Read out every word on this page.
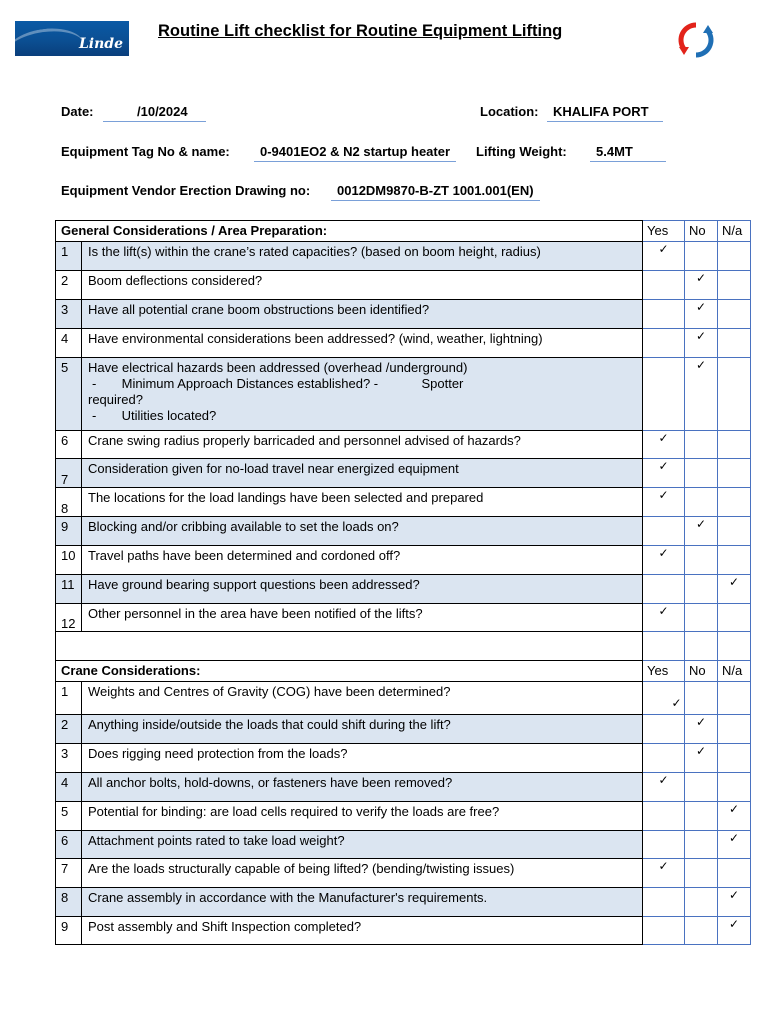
Linde
Routine Lift checklist for Routine Equipment Lifting
Date:	/10/2024	Location:	KHALIFA PORT
Equipment Tag No & name:	0-9401EO2 & N2 startup heater	Lifting Weight:	5.4MT
Equipment Vendor Erection Drawing no:	0012DM9870-B-ZT 1001.001(EN)
General Considerations / Area Preparation:		Yes	No	N/a
1	Is the lift(s) within the crane’s rated capacities? (based on boom height, radius)	✓		
2	Boom deflections considered?		✓	
3	Have all potential crane boom obstructions been identified?		✓	
4	Have environmental considerations been addressed? (wind, weather, lightning)		✓	
5	Have electrical hazards been addressed (overhead /underground)
-       Minimum Approach Distances established? -            Spotter
required?
-       Utilities located?		✓	
6	Crane swing radius properly barricaded and personnel advised of hazards?	✓		
7	Consideration given for no-load travel near energized equipment	✓		
8	The locations for the load landings have been selected and prepared	✓		
9	Blocking and/or cribbing available to set the loads on?		✓	
10	Travel paths have been determined and cordoned off?	✓		
11	Have ground bearing support questions been addressed?			✓
12	Other personnel in the area have been notified of the lifts?	✓		

Crane Considerations:		Yes	No	N/a
1	Weights and Centres of Gravity (COG) have been determined?	✓		
2	Anything inside/outside the loads that could shift during the lift?		✓	
3	Does rigging need protection from the loads?		✓	
4	All anchor bolts, hold-downs, or fasteners have been removed?	✓		
5	Potential for binding: are load cells required to verify the loads are free?			✓
6	Attachment points rated to take load weight?			✓
7	Are the loads structurally capable of being lifted? (bending/twisting issues)	✓		
8	Crane assembly in accordance with the Manufacturer's requirements.			✓
9	Post assembly and Shift Inspection completed?			✓
